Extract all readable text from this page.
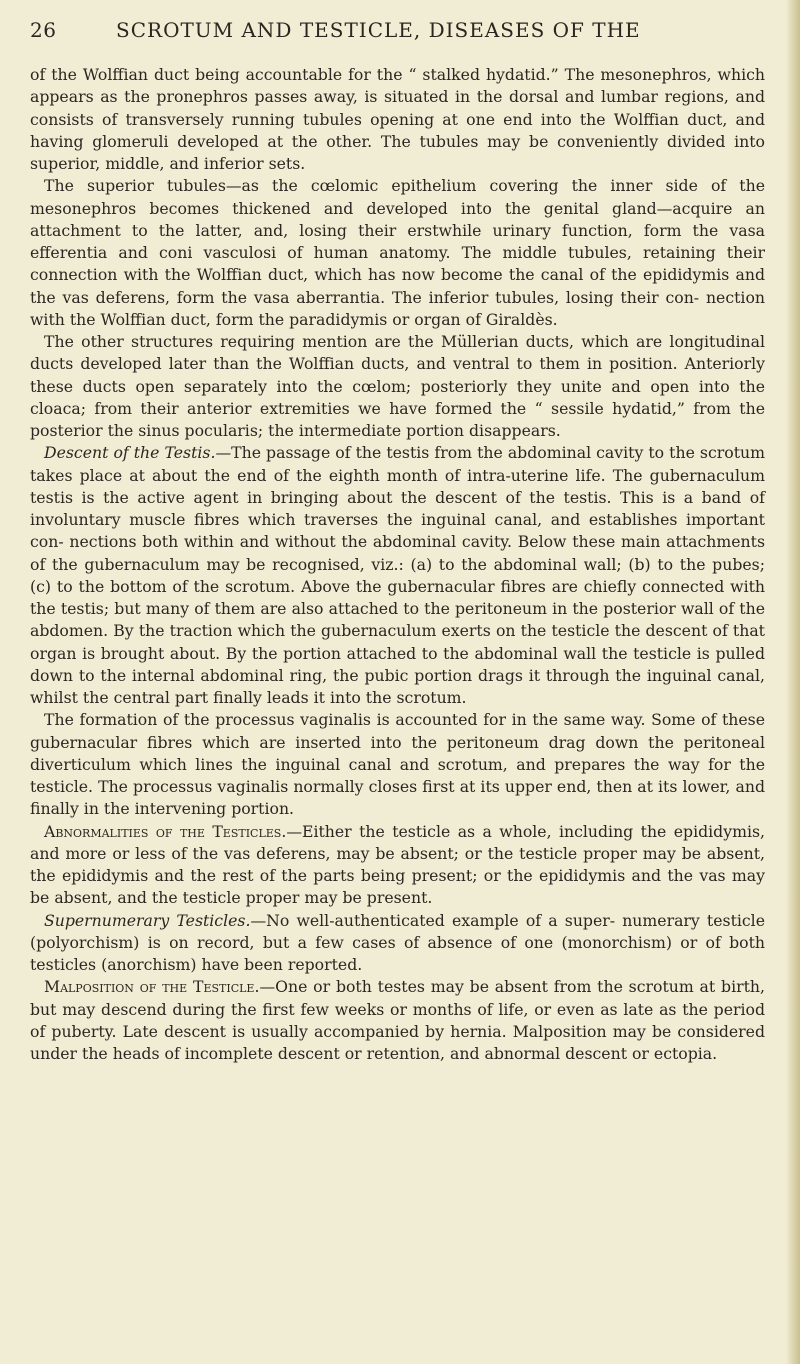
26	SCROTUM AND TESTICLE, DISEASES OF THE

of the Wolffian duct being accountable for the “ stalked hydatid.” The mesonephros, which appears as the pronephros passes away, is situated in the dorsal and lumbar regions, and consists of transversely running tubules opening at one end into the Wolffian duct, and having glomeruli developed at the other. The tubules may be conveniently divided into superior, middle, and inferior sets.

The superior tubules—as the cœlomic epithelium covering the inner side of the mesonephros becomes thickened and developed into the genital gland—acquire an attachment to the latter, and, losing their erstwhile urinary function, form the vasa efferentia and coni vasculosi of human anatomy. The middle tubules, retaining their connection with the Wolffian duct, which has now become the canal of the epididymis and the vas deferens, form the vasa aberrantia. The inferior tubules, losing their con- nection with the Wolffian duct, form the paradidymis or organ of Giraldès.

The other structures requiring mention are the Müllerian ducts, which are longitudinal ducts developed later than the Wolffian ducts, and ventral to them in position. Anteriorly these ducts open separately into the cœlom; posteriorly they unite and open into the cloaca; from their anterior extremities we have formed the “ sessile hydatid,” from the posterior the sinus pocularis; the intermediate portion disappears.

Descent of the Testis.—The passage of the testis from the abdominal cavity to the scrotum takes place at about the end of the eighth month of intra-uterine life. The gubernaculum testis is the active agent in bringing about the descent of the testis. This is a band of involuntary muscle fibres which traverses the inguinal canal, and establishes important con- nections both within and without the abdominal cavity. Below these main attachments of the gubernaculum may be recognised, viz.: (a) to the abdominal wall; (b) to the pubes; (c) to the bottom of the scrotum. Above the gubernacular fibres are chiefly connected with the testis; but many of them are also attached to the peritoneum in the posterior wall of the abdomen. By the traction which the gubernaculum exerts on the testicle the descent of that organ is brought about. By the portion attached to the abdominal wall the testicle is pulled down to the internal abdominal ring, the pubic portion drags it through the inguinal canal, whilst the central part finally leads it into the scrotum.

The formation of the processus vaginalis is accounted for in the same way. Some of these gubernacular fibres which are inserted into the peritoneum drag down the peritoneal diverticulum which lines the inguinal canal and scrotum, and prepares the way for the testicle. The processus vaginalis normally closes first at its upper end, then at its lower, and finally in the intervening portion.

Abnormalities of the Testicles.—Either the testicle as a whole, including the epididymis, and more or less of the vas deferens, may be absent; or the testicle proper may be absent, the epididymis and the rest of the parts being present; or the epididymis and the vas may be absent, and the testicle proper may be present.

Supernumerary Testicles.—No well-authenticated example of a super- numerary testicle (polyorchism) is on record, but a few cases of absence of one (monorchism) or of both testicles (anorchism) have been reported.

Malposition of the Testicle.—One or both testes may be absent from the scrotum at birth, but may descend during the first few weeks or months of life, or even as late as the period of puberty. Late descent is usually accompanied by hernia. Malposition may be considered under the heads of incomplete descent or retention, and abnormal descent or ectopia.
